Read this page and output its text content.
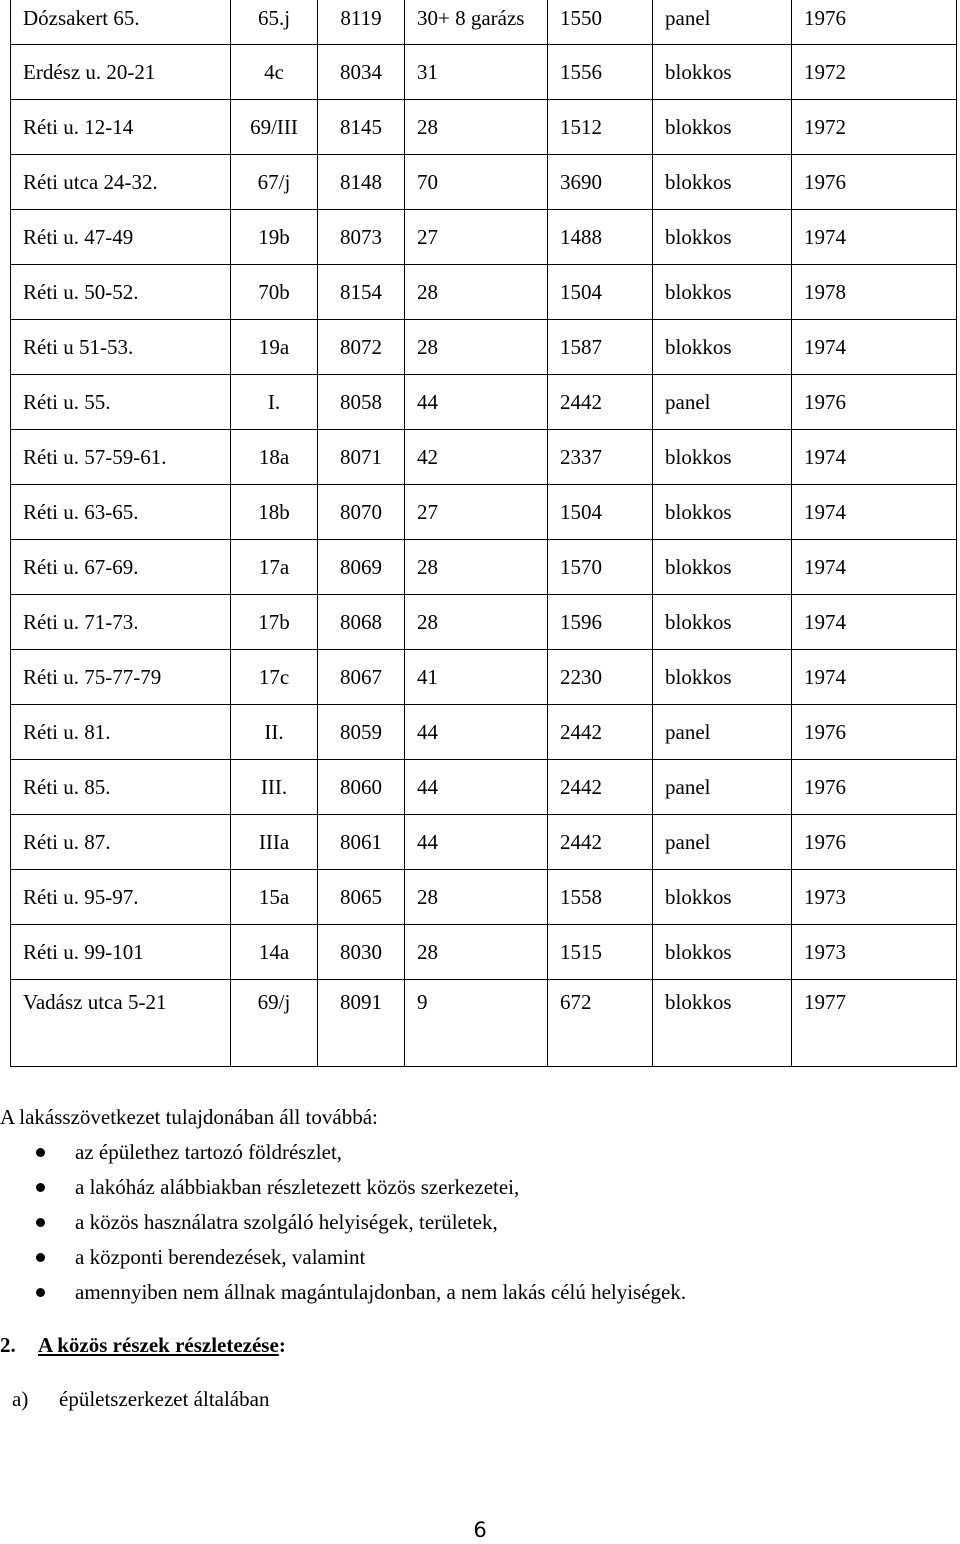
Dózsakert 65.	65.j	8119	30+ 8 garázs	1550	panel	1976
Erdész u. 20-21	4c	8034	31	1556	blokkos	1972
Réti u. 12-14	69/III	8145	28	1512	blokkos	1972
Réti utca 24-32.	67/j	8148	70	3690	blokkos	1976
Réti u. 47-49	19b	8073	27	1488	blokkos	1974
Réti u. 50-52.	70b	8154	28	1504	blokkos	1978
Réti u 51-53.	19a	8072	28	1587	blokkos	1974
Réti u. 55.	I.	8058	44	2442	panel	1976
Réti u. 57-59-61.	18a	8071	42	2337	blokkos	1974
Réti u. 63-65.	18b	8070	27	1504	blokkos	1974
Réti u. 67-69.	17a	8069	28	1570	blokkos	1974
Réti u. 71-73.	17b	8068	28	1596	blokkos	1974
Réti u. 75-77-79	17c	8067	41	2230	blokkos	1974
Réti u. 81.	II.	8059	44	2442	panel	1976
Réti u. 85.	III.	8060	44	2442	panel	1976
Réti u. 87.	IIIa	8061	44	2442	panel	1976
Réti u. 95-97.	15a	8065	28	1558	blokkos	1973
Réti u. 99-101	14a	8030	28	1515	blokkos	1973
Vadász utca 5-21	69/j	8091	9	672	blokkos	1977

A lakásszövetkezet tulajdonában áll továbbá:

az épülethez tartozó földrészlet,
a lakóház alábbiakban részletezett közös szerkezetei,
a közös használatra szolgáló helyiségek, területek,
a központi berendezések, valamint
amennyiben nem állnak magántulajdonban, a nem lakás célú helyiségek.
2. A közös részek részletezése:
a) épületszerkezet általában
6
